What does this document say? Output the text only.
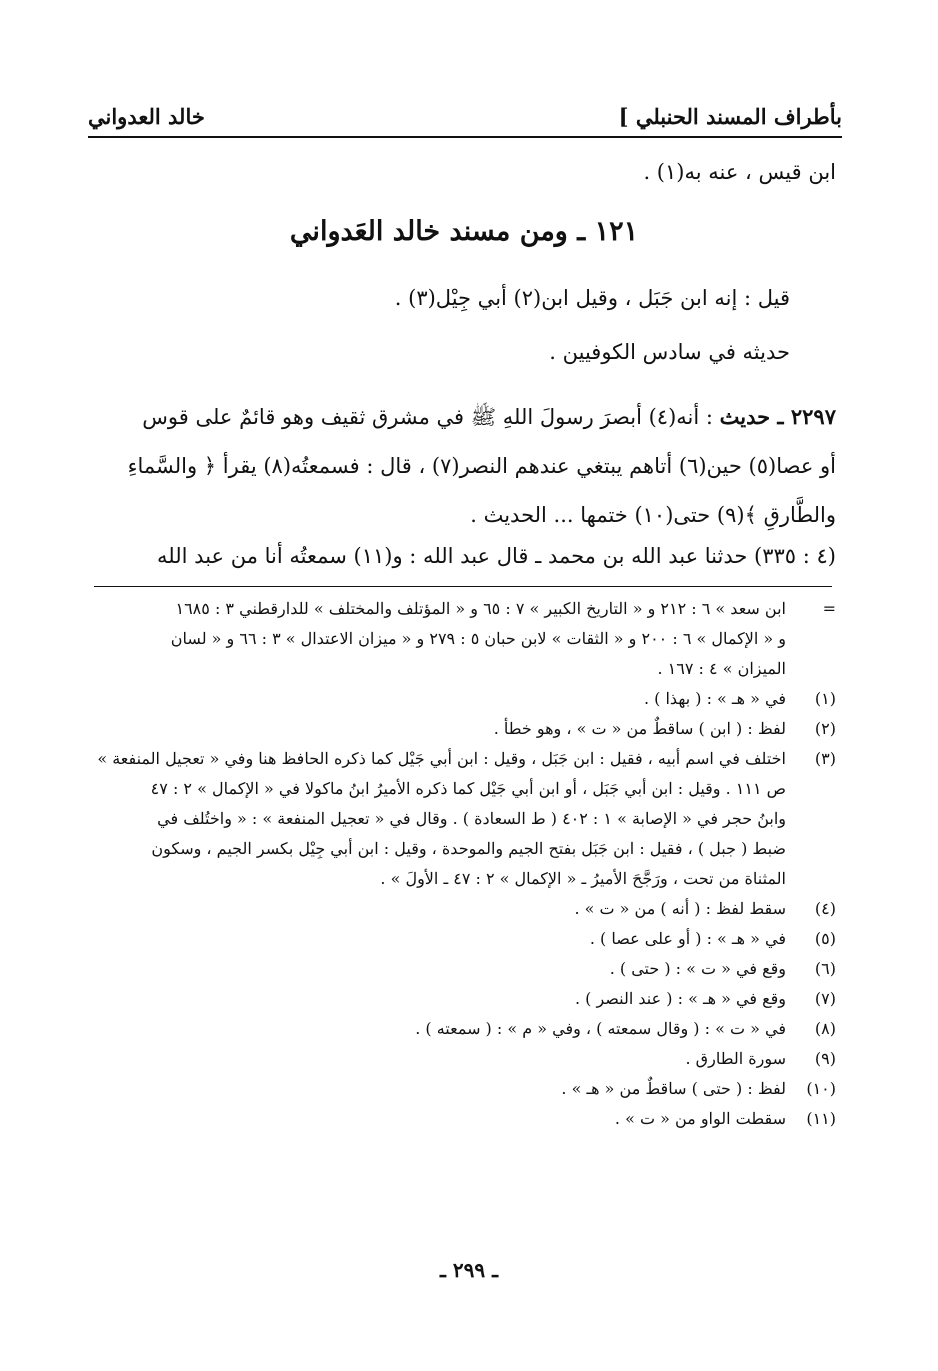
بأطراف المسند الحنبلي ]
خالد العدواني
ابن قيس ، عنه به(١) .
١٢١ ـ ومن مسند خالد العَدواني
قيل : إنه ابن جَبَل ، وقيل ابن(٢) أبي جِيْل(٣) .
حديثه في سادس الكوفيين .
٢٢٩٧ ـ حديث : أنه(٤) أبصرَ رسولَ اللهِ ﷺ في مشرق ثقيف وهو قائمٌ على قوس
أو عصا(٥) حين(٦) أتاهم يبتغي عندهم النصر(٧) ، قال : فسمعتُه(٨) يقرأ ﴿ والسَّماءِ
والطَّارقِ ﴾(٩) حتى(١٠) ختمها ... الحديث .
(٤ : ٣٣٥) حدثنا عبد الله بن محمد ـ قال عبد الله : و(١١) سمعتُه أنا من عبد الله
=
ابن سعد » ٦ : ٢١٢ و « التاريخ الكبير » ٧ : ٦٥ و « المؤتلف والمختلف » للدارقطني ٣ : ١٦٨٥
و « الإكمال » ٦ : ٢٠٠ و « الثقات » لابن حبان ٥ : ٢٧٩ و « ميزان الاعتدال » ٣ : ٦٦ و « لسان
الميزان » ٤ : ١٦٧ .
(١)
في « هـ » : ( بهذا ) .
(٢)
لفظ : ( ابن ) ساقطٌ من « ت » ، وهو خطأ .
(٣)
اختلف في اسم أبيه ، فقيل : ابن جَبَل ، وقيل : ابن أبي جَيْل كما ذكره الحافظ هنا وفي « تعجيل المنفعة »
ص ١١١ . وقيل : ابن أبي جَبَل ، أو ابن أبي جَيْل كما ذكره الأميرُ ابنُ ماكولا في « الإكمال » ٢ : ٤٧
وابنُ حجر في « الإصابة » ١ : ٤٠٢ ( ط السعادة ) . وقال في « تعجيل المنفعة » : « واختُلف في
ضبط ( جبل ) ، فقيل : ابن جَبَل بفتح الجيم والموحدة ، وقيل : ابن أبي جِيْل بكسر الجيم ، وسكون
المثناة من تحت ، ورَجَّحَ الأميرُ ـ « الإكمال » ٢ : ٤٧ ـ الأولَ » .
(٤)
سقط لفظ : ( أنه ) من « ت » .
(٥)
في « هـ » : ( أو على عصا ) .
(٦)
وقع في « ت » : ( حتى ) .
(٧)
وقع في « هـ » : ( عند النصر ) .
(٨)
في « ت » : ( وقال سمعته ) ، وفي « م » : ( سمعته ) .
(٩)
سورة الطارق .
(١٠)
لفظ : ( حتى ) ساقطٌ من « هـ » .
(١١)
سقطت الواو من « ت » .
ـ ٢٩٩ ـ
